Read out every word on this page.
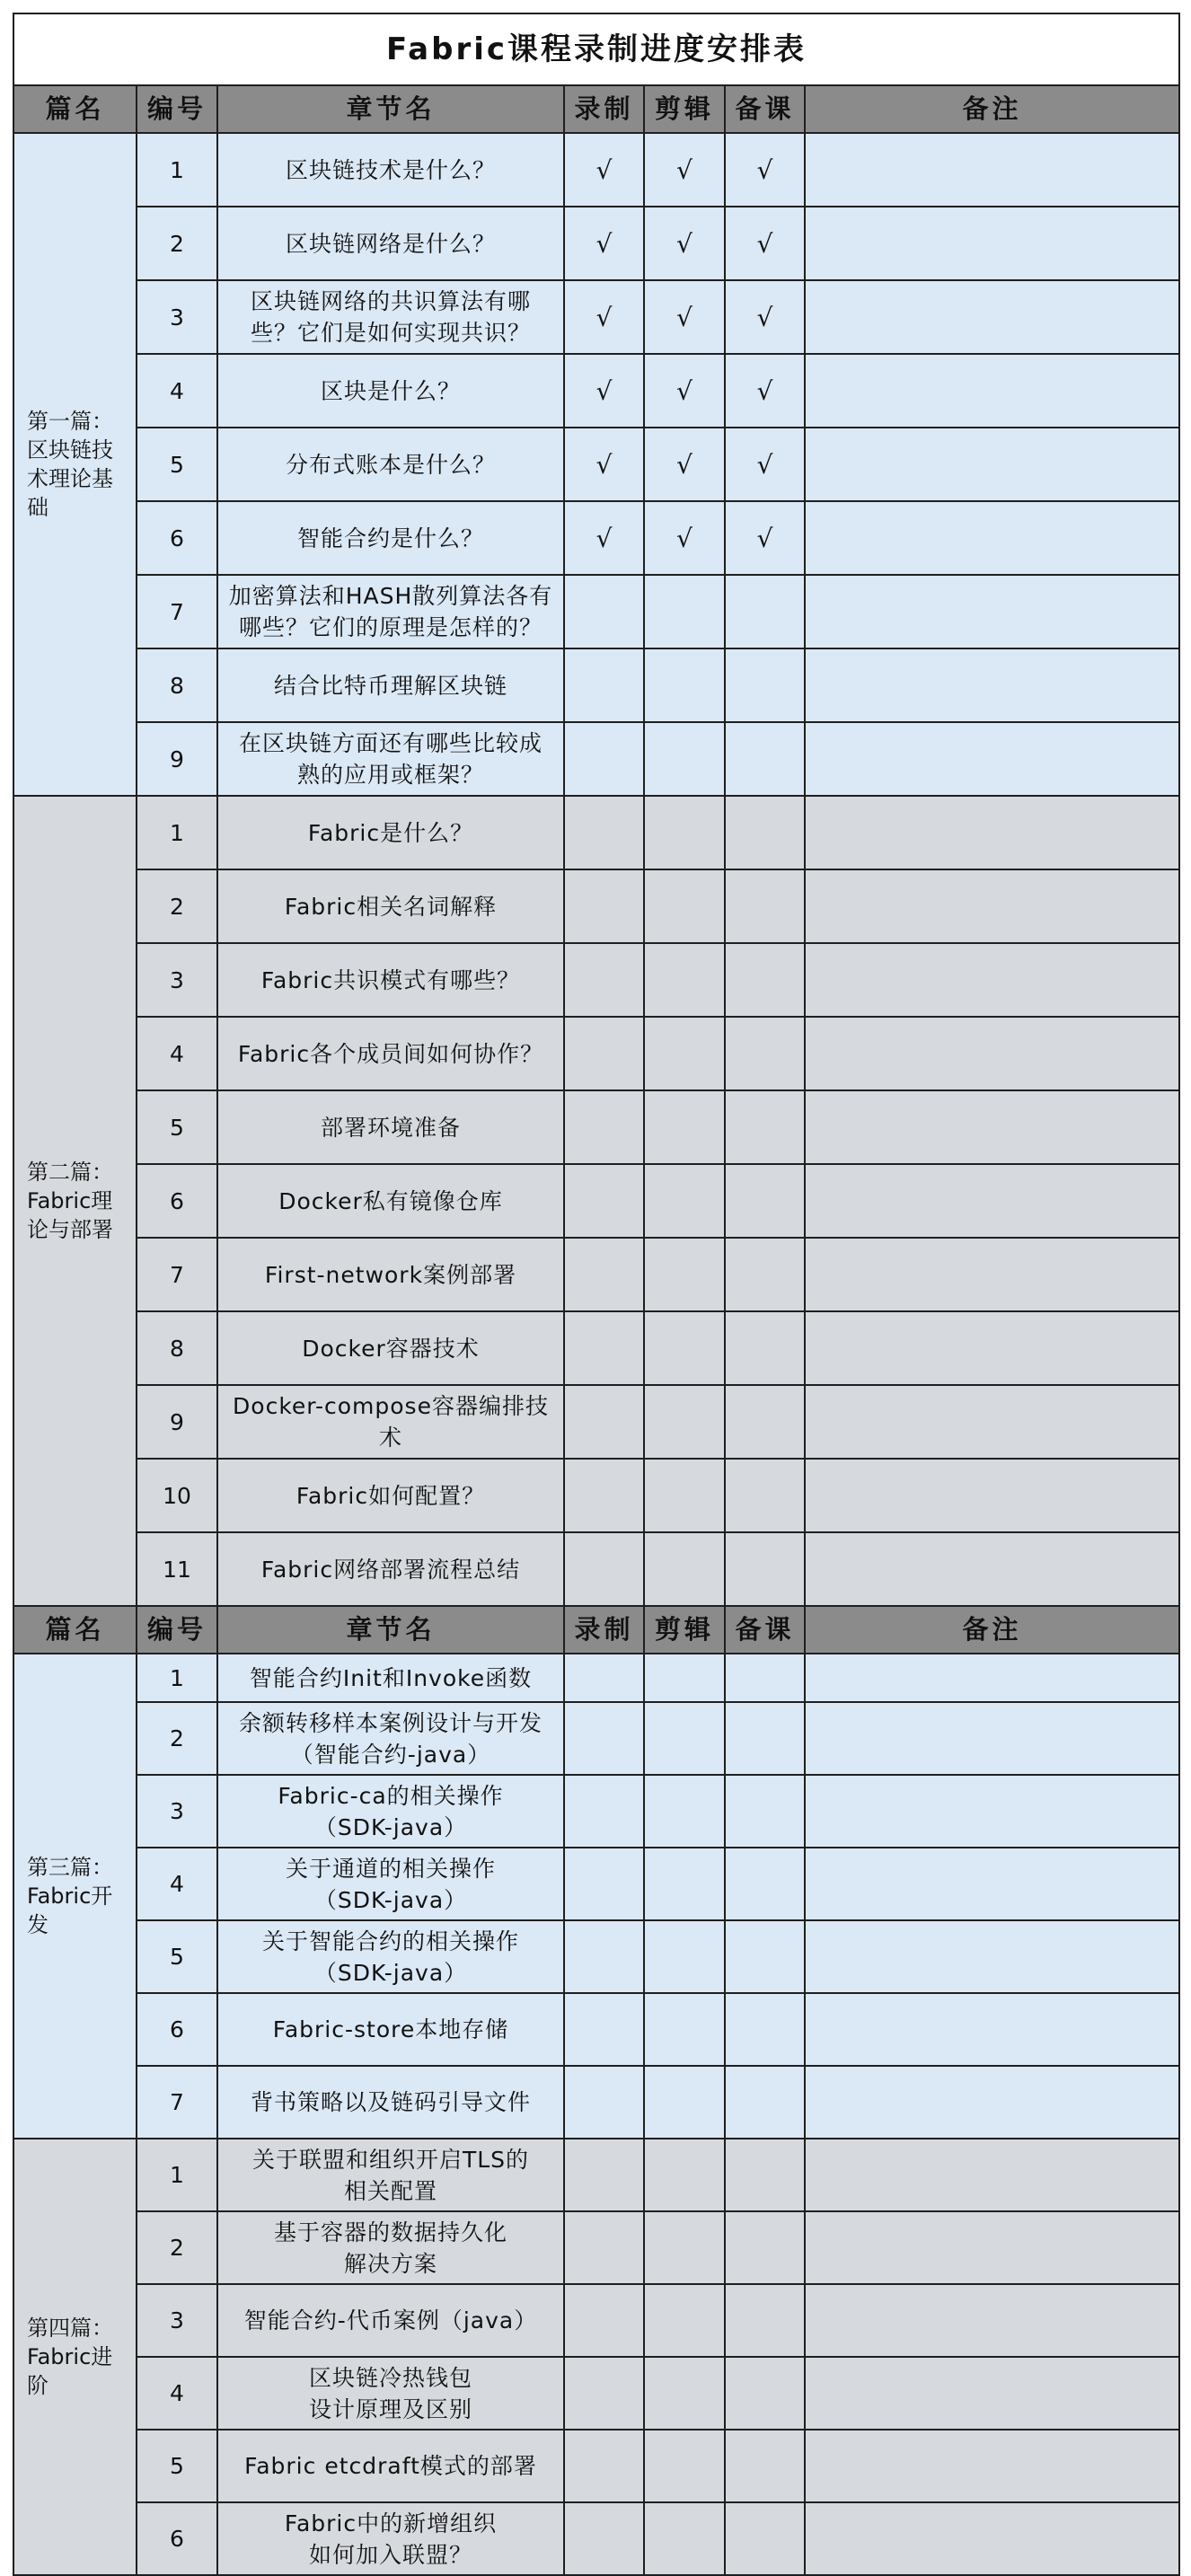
Fabric课程录制进度安排表						
篇名	编号	章节名	录制	剪辑	备课	备注

第一篇：
区块链技
术理论基
础	1	区块链技术是什么？	√	√	√	
	2	区块链网络是什么？	√	√	√	
	3	区块链网络的共识算法有哪
些？它们是如何实现共识？	√	√	√	
	4	区块是什么？	√	√	√	
	5	分布式账本是什么？	√	√	√	
	6	智能合约是什么？	√	√	√	
	7	加密算法和HASH散列算法各有
哪些？它们的原理是怎样的？				
	8	结合比特币理解区块链				
	9	在区块链方面还有哪些比较成
熟的应用或框架？				

第二篇：
Fabric理
论与部署	1	Fabric是什么？				
	2	Fabric相关名词解释				
	3	Fabric共识模式有哪些？				
	4	Fabric各个成员间如何协作？				
	5	部署环境准备				
	6	Docker私有镜像仓库				
	7	First-network案例部署				
	8	Docker容器技术				
	9	Docker-compose容器编排技术				
	10	Fabric如何配置？				
	11	Fabric网络部署流程总结				
篇名	编号	章节名	录制	剪辑	备课	备注

第三篇：
Fabric开
发	1	智能合约Init和Invoke函数				
	2	余额转移样本案例设计与开发
（智能合约-java）				
	3	Fabric-ca的相关操作
（SDK-java）				
	4	关于通道的相关操作
（SDK-java）				
	5	关于智能合约的相关操作
（SDK-java）				
	6	Fabric-store本地存储				
	7	背书策略以及链码引导文件				

第四篇：
Fabric进
阶	1	关于联盟和组织开启TLS的
相关配置				
	2	基于容器的数据持久化
解决方案				
	3	智能合约-代币案例（java）				
	4	区块链冷热钱包
设计原理及区别				
	5	Fabric etcdraft模式的部署				
	6	Fabric中的新增组织
如何加入联盟？				
